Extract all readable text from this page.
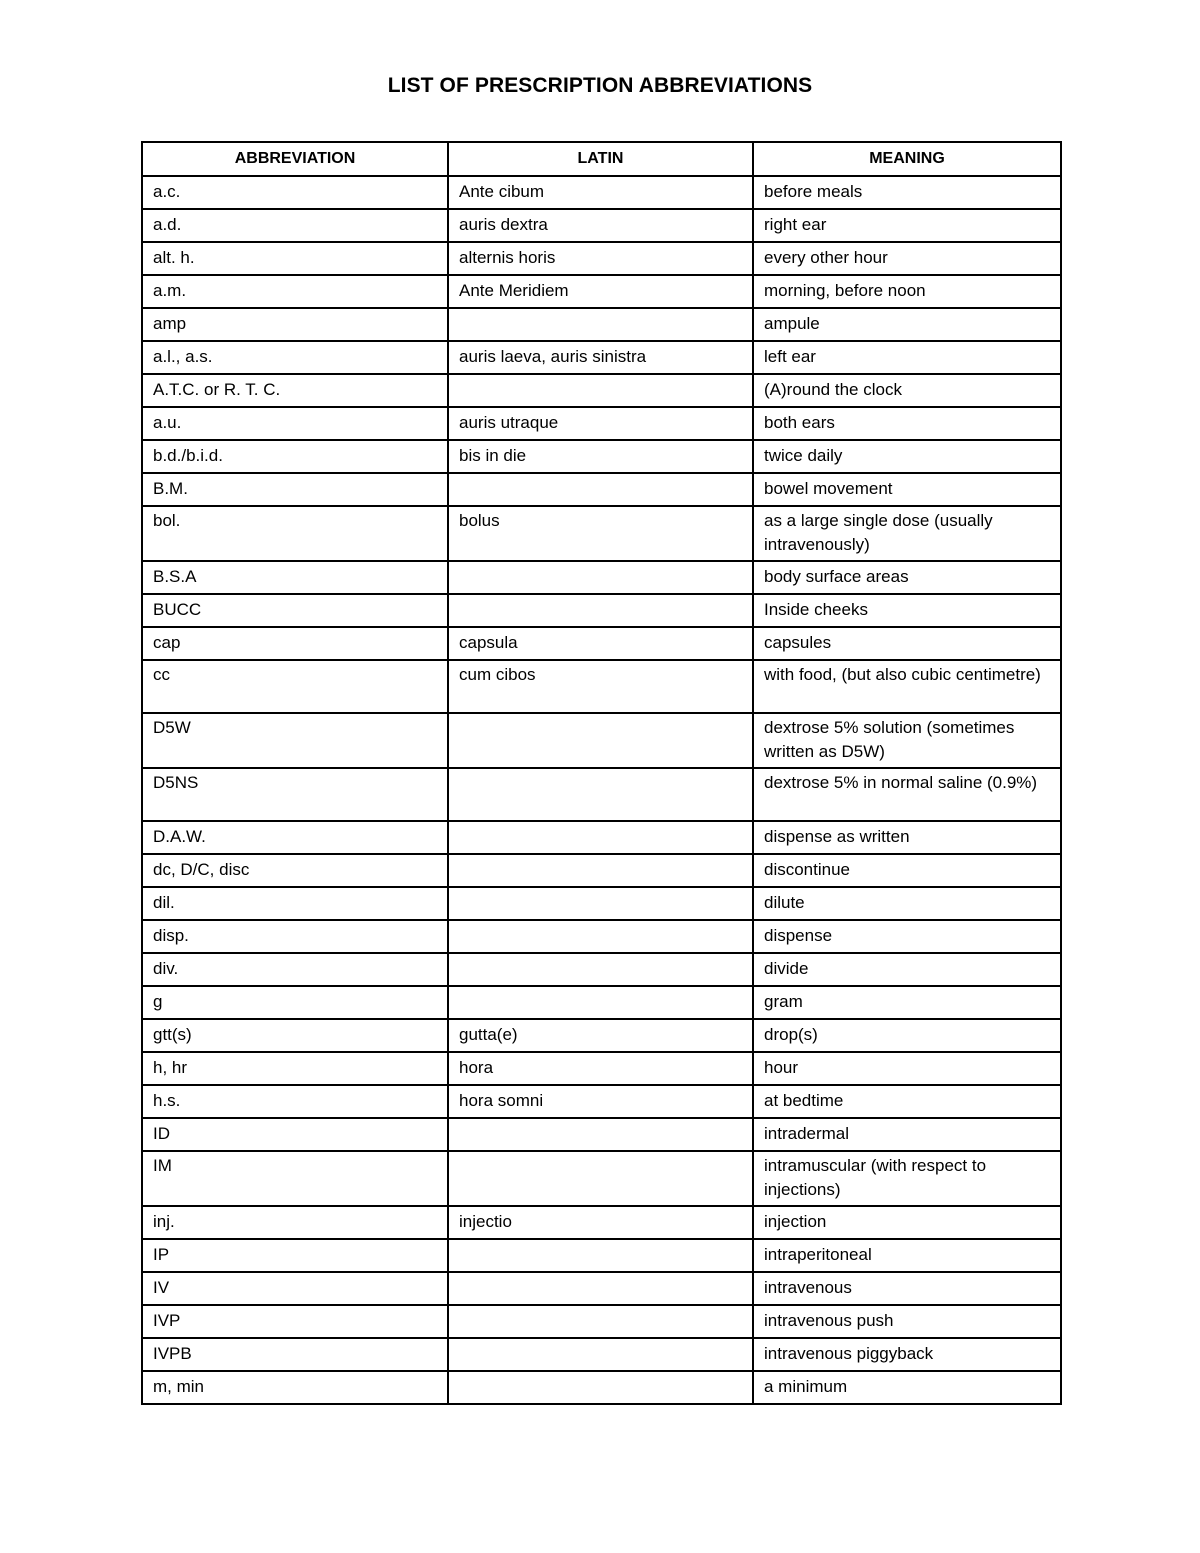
LIST OF PRESCRIPTION ABBREVIATIONS
ABBREVIATION	LATIN	MEANING
a.c.	Ante cibum	before meals
a.d.	auris dextra	right ear
alt. h.	alternis horis	every other hour
a.m.	Ante Meridiem	morning, before noon
amp		ampule
a.l., a.s.	auris laeva, auris sinistra	left ear
A.T.C. or R. T. C.		(A)round the clock
a.u.	auris utraque	both ears
b.d./b.i.d.	bis in die	twice daily
B.M.		bowel movement
bol.	bolus	as a large single dose (usually intravenously)
B.S.A		body surface areas
BUCC		Inside cheeks
cap	capsula	capsules
cc	cum cibos	with food, (but also cubic centimetre)
D5W		dextrose 5% solution (sometimes written as D5W)
D5NS		dextrose 5% in normal saline (0.9%)
D.A.W.		dispense as written
dc, D/C, disc		discontinue
dil.		dilute
disp.		dispense
div.		divide
g		gram
gtt(s)	gutta(e)	drop(s)
h, hr	hora	hour
h.s.	hora somni	at bedtime
ID		intradermal
IM		intramuscular (with respect to injections)
inj.	injectio	injection
IP		intraperitoneal
IV		intravenous
IVP		intravenous push
IVPB		intravenous piggyback
m, min		a minimum
